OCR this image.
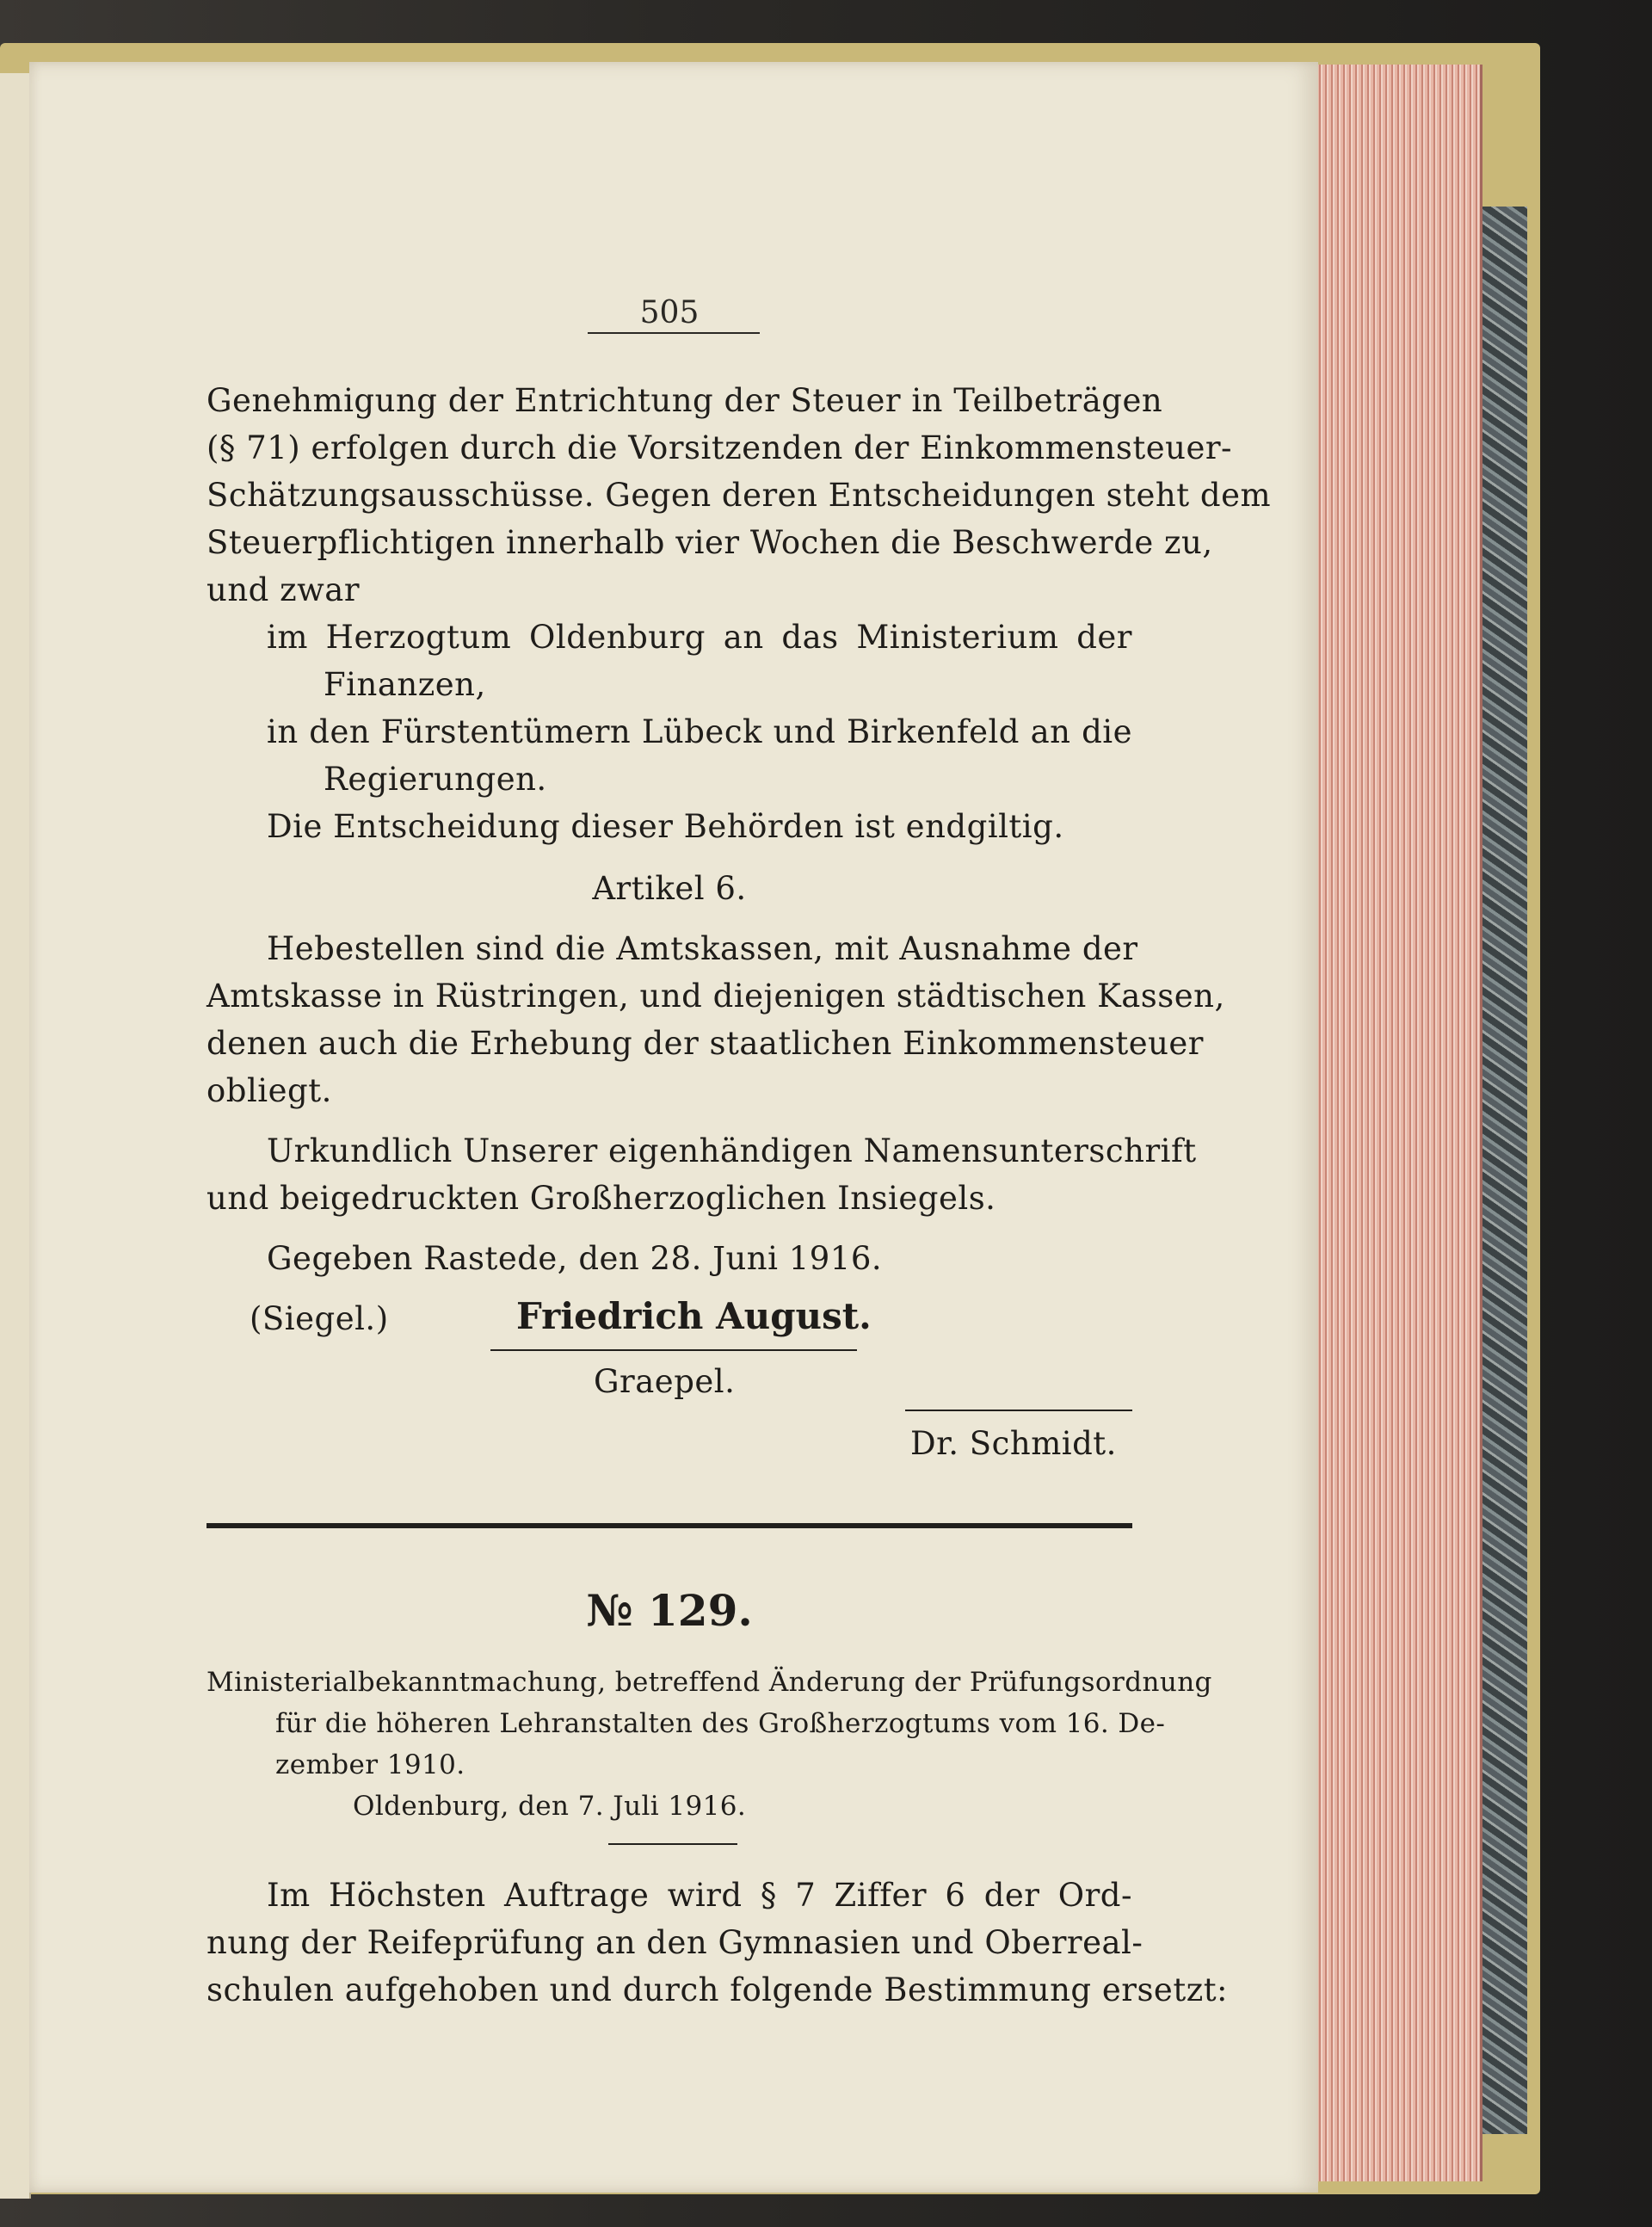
505
Genehmigung der Entrichtung der Steuer in Teilbeträgen
(§ 71) erfolgen durch die Vorsitzenden der Einkommensteuer-
Schätzungsausschüsse. Gegen deren Entscheidungen steht dem
Steuerpflichtigen innerhalb vier Wochen die Beschwerde zu,
und zwar
im Herzogtum Oldenburg an das Ministerium der
Finanzen,
in den Fürstentümern Lübeck und Birkenfeld an die
Regierungen.
Die Entscheidung dieser Behörden ist endgiltig.
Artikel 6.
Hebestellen sind die Amtskassen, mit Ausnahme der
Amtskasse in Rüstringen, und diejenigen städtischen Kassen,
denen auch die Erhebung der staatlichen Einkommensteuer
obliegt.
Urkundlich Unserer eigenhändigen Namensunterschrift
und beigedruckten Großherzoglichen Insiegels.
Gegeben Rastede, den 28. Juni 1916.
(Siegel.)	Friedrich August.
Graepel.
Dr. Schmidt.
№ 129.
Ministerialbekanntmachung, betreffend Änderung der Prüfungsordnung
für die höheren Lehranstalten des Großherzogtums vom 16. De-
zember 1910.
Oldenburg, den 7. Juli 1916.
Im Höchsten Auftrage wird § 7 Ziffer 6 der Ord-
nung der Reifeprüfung an den Gymnasien und Oberreal-
schulen aufgehoben und durch folgende Bestimmung ersetzt:
